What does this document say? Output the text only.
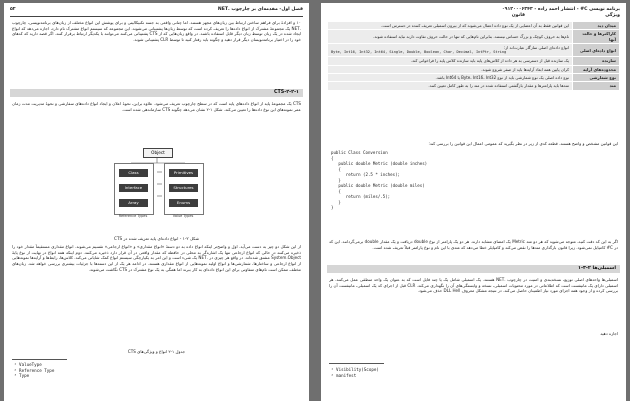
فصل اول- مقدمه‌ای بر چارچوب .NET
۵۲
۱۰ و افزادهٔ برای فراهم ساختن ارتباط بین زبان‌های مجهز هستند. اما چنانی واقعی به جسه تکنیکالیتی و برای پوشش این انواع مختلف از زبان‌های برنامه‌نویسی، چارچوب .NET یک مجموعهٔ مشترک از انواع داده‌ها را تعریف کرده است که توسط زبان‌ها پشتیبانی می‌شوند. این مجموعه که سیستم انواع مشترک نام دارد، اجازه می‌دهد که انواع ایجاد شده در یک زبان توسط زبان دیگر قابل استفاده باشند. در واقع زبان‌هایی که از CTS پشتیبانی می‌کنند می‌توانند با یکدیگر ارتباط برقرار کنند. اگر قصد دارید که کدهای خود را در اختیار برنامه‌نویسان دیگر قرار دهید و چگونه باید رفتار کنید تا توسط CLR پشتیبانی شوند.
CTS-۲-۲-۱
CTS یک مجموعهٔ پایه از انواع داده‌های پایه است که در سطح چارچوب تعریف می‌شود. علاوه براین، نحوهٔ اعلان و ایجاد انواع داده‌های سفارشی و نحوهٔ مدیریت مدت زمان عمر نمونه‌های این نوع داده‌ها را تعیین می‌کند. شکل ۱-۲ نشان می‌دهد چگونه CTS سازماندهی شده است.
Object
Class
Interface
Array
Primitives
Structures
Enums
Reference Types	Value Types
شکل ۲-۱ - انواع داده‌ای پایه تعریف شده در CTS
از این شکل دو چیز به دست می‌آید. اول و واضح‌تر اینکه انواع داده به دو دستهٔ «انواع مقداری» و «انواع ارجاعی» تقسیم می‌شوند. انواع مقداری مستقیماً مقدار خود را ذخیره می‌کنند در حالی که انواع ارجاعی تنها یک اشاره‌گر به محلی در حافظه که مقدار واقعی در آن قرار دارد ذخیره می‌کنند. دوم اینکه همه انواع در نهایت از نوع پایهٔ System.Object مشتق شده‌اند. در واقع هر چیزی در .NET یک شیء است و این امر به یکپارچگی سیستم انواع کمک شایانی می‌کند. کلاس‌ها، رابط‌ها و آرایه‌ها نمونه‌هایی از انواع ارجاعی و ساختارها، شمارشی‌ها و انواع اولیه نمونه‌هایی از انواع مقداری هستند. در ادامه هر یک از این دسته‌ها با جزئیات بیشتری بررسی خواهد شد. زبان‌های مختلف ممکن است نام‌های متفاوتی برای این انواع داده‌ای به کار ببرند اما همگی به یک نوع مشترک در CTS نگاشت می‌شوند.
جدول ۱-۲ انواع و ویژگی‌های CTS
¹ ValueType
² Reference Type
³ Type
برنامه نویسی C# - انتشار احمد زاده - ۰۹۱۲۰۰۰۶۳۴۳
ویژگی
قانون
میدان دید	این قوانین فقط به آن اعضایی از یک نوع داده اعمال می‌شوند که از بیرون اسمبلی تعریف کننده در دسترس است.
کاراکترها و حالت آنها	نام‌ها به حروف کوچک و بزرگ حساس نیستند. بنابراین نام‌هایی که تنها در حالت حروف تفاوت دارند نباید استفاده شوند.
انواع داده‌ای اصلی	انواع داده‌ای اصلی سازگار عبارت‌اند از:
Byte, Int16, Int32, Int64, Single, Double, Boolean, Char, Decimal, IntPtr, String

سازنده	یک سازنده قبل از دسترسی به هر داده از کلاس‌های پایه باید سازنده کلاس پایه را فراخوانی کند.
محدوده‌های آرایه	کران پایین همه ابعاد آرایه‌ها باید از صفر شروع شوند.
نوع شمارشی	نوع داده اصلی یک نوع شمارشی باید از نوع Byte، Int16، Int32 یا Int64 باشد.
متد	متدها باید پارامترها و مقدار بازگشتی استفاده شده در متد را به طور کامل تعیین کنند.
این قوانین مشخص و واضح هستند. قطعه کدی از زیر در نظر بگیرید که عمومی اعمال این قوانین را بررسی کند:
public Class Conversion
{
public double Metric (double inches)
{
return (2.5 * inches);
}
public double Metric (double miles)
{
return (miles/.5);
}
}
اگر به این کد دقت کنید، متوجه می‌شوید که هر دو متد Metric یک امضای مشابه دارند. هر دو یک پارامتر از نوع double دریافت و یک مقدار double برمی‌گردانند. این کد در C# کامپایل نمی‌شود. زیرا قانون بارگذاری متدها را نقض می‌کند و کامپایلر خطا می‌دهد که متدی با این نام و نوع پارامتر قبلاً تعریف شده است.
اسمبلی‌ها ۲-۳-۱
اسمبلی‌ها واحدهای اصلی توزیع، نسخه‌بندی و امنیت در چارچوب .NET هستند. یک اسمبلی شامل یک یا چند فایل است که به عنوان یک واحد منطقی عمل می‌کنند. هر اسمبلی دارای یک مانیفست است که اطلاعاتی در مورد محتویات اسمبلی، نسخه و وابستگی‌های آن را نگهداری می‌کند. CLR قبل از اجرای کد یک اسمبلی، مانیفست آن را بررسی کرده و از وجود همه اجزای مورد نیاز اطمینان حاصل می‌کند. در نتیجه مشکل معروف DLL Hell حذف می‌شود.
اجازه دهید
¹ Visibility(Scope)
² manifest
